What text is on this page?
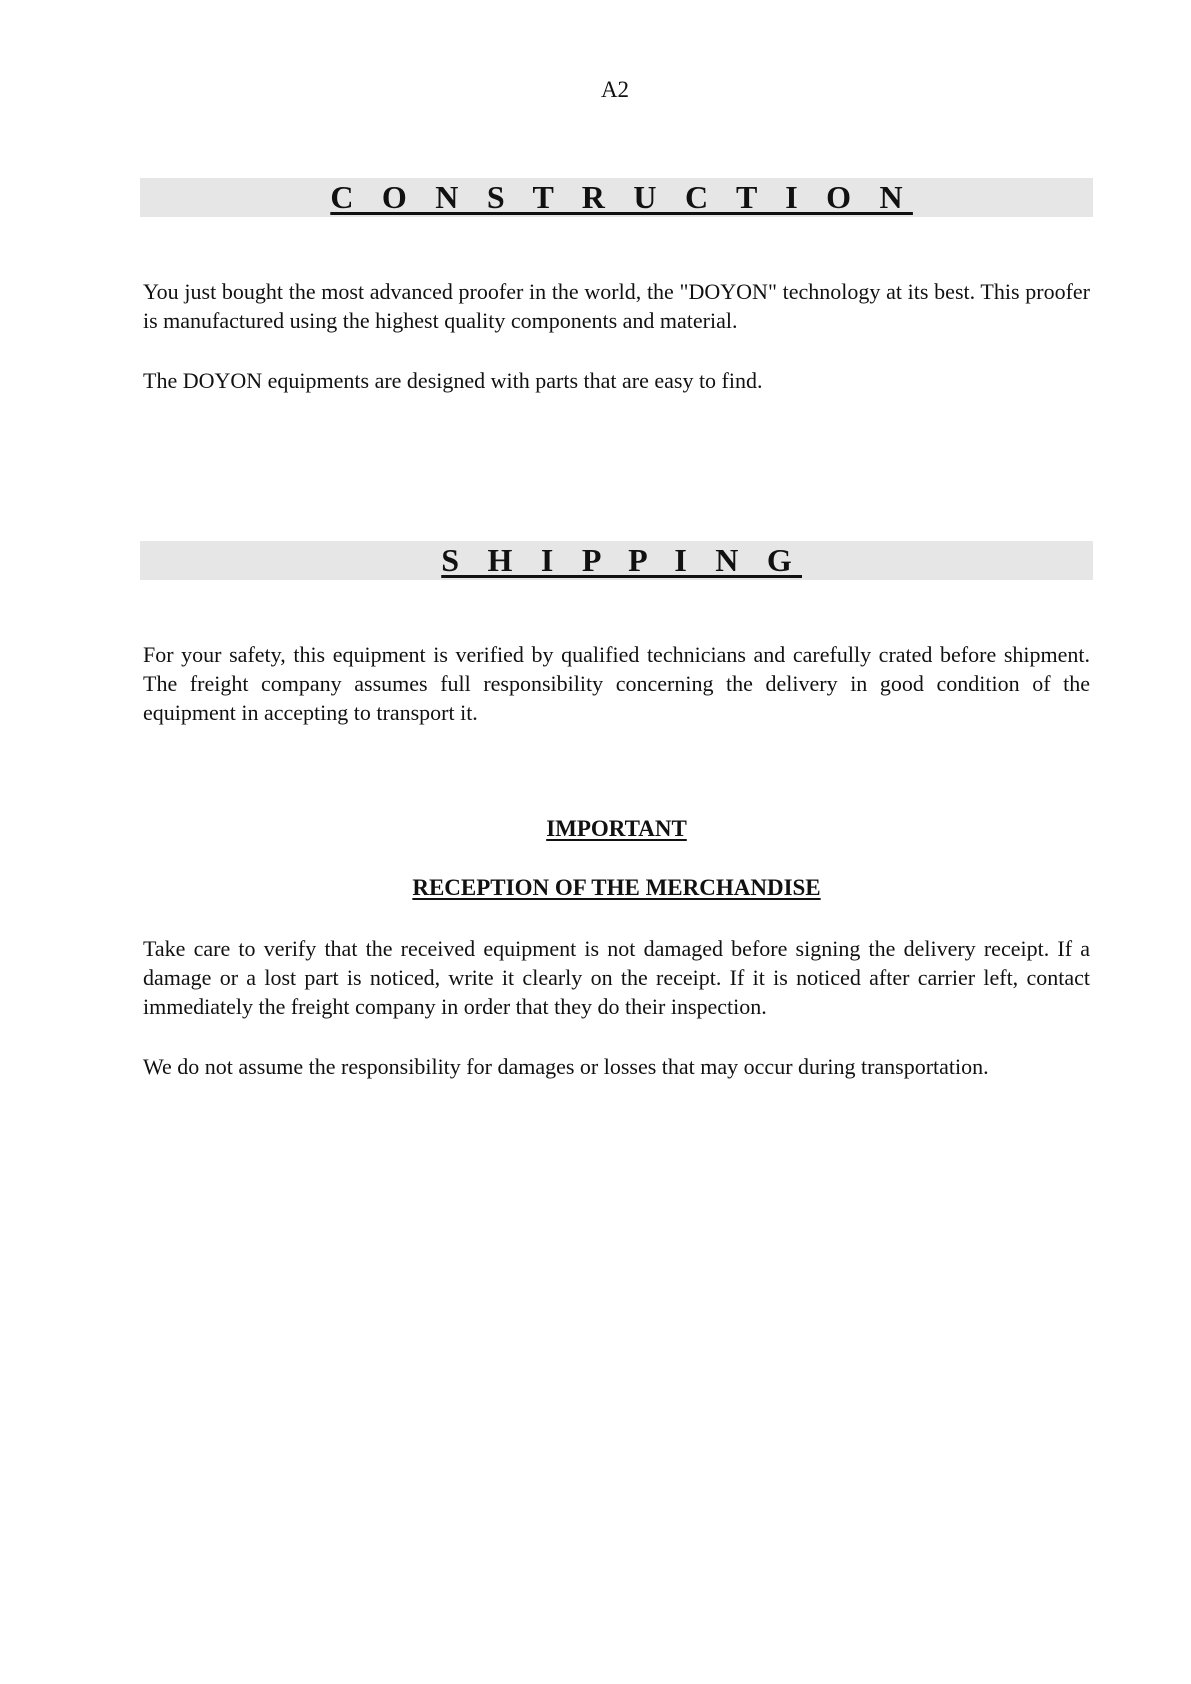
A2
C O N S T R U C T I O N

You just bought the most advanced proofer in the world, the "DOYON" technology at its best. This proofer is manufactured using the highest quality components and material.

The DOYON equipments are designed with parts that are easy to find.

S H I P P I N G

For your safety, this equipment is verified by qualified technicians and carefully crated before shipment. The freight company assumes full responsibility concerning the delivery in good condition of the equipment in accepting to transport it.

IMPORTANT
RECEPTION OF THE MERCHANDISE

Take care to verify that the received equipment is not damaged before signing the delivery receipt. If a damage or a lost part is noticed, write it clearly on the receipt. If it is noticed after carrier left, contact immediately the freight company in order that they do their inspection.

We do not assume the responsibility for damages or losses that may occur during transportation.
